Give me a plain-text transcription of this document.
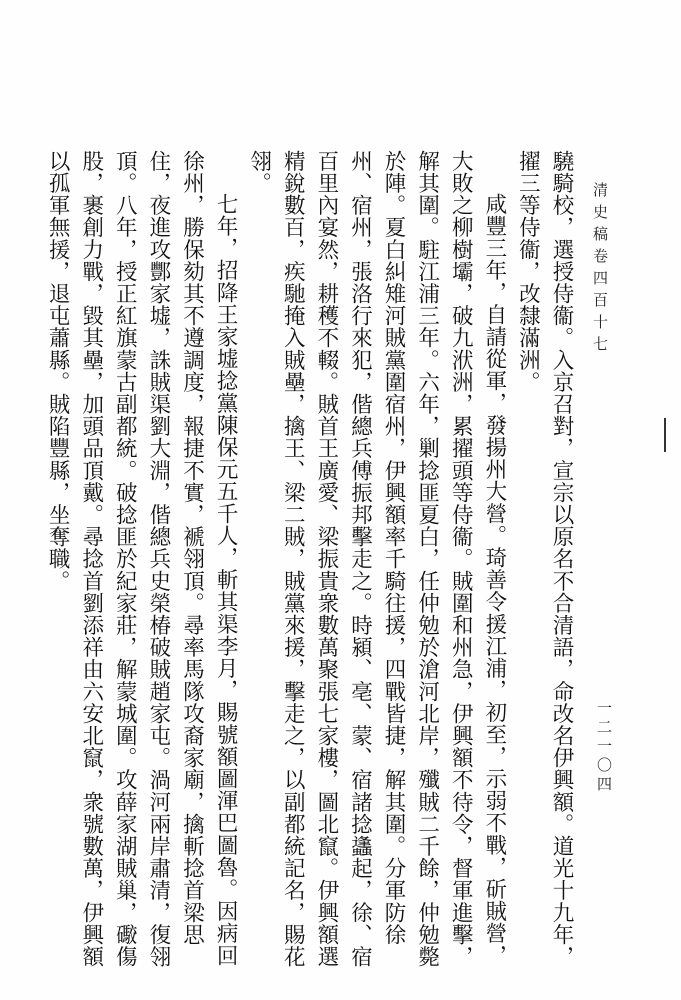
清史稿卷四百十七
一二一〇四

驍騎校，選授侍衞。入京召對，宣宗以原名不合清語，命改名伊興額。道光十九年，擢三等侍衞，改隸滿洲。

咸豐三年，自請從軍，發揚州大營。琦善令援江浦，初至，示弱不戰，斫賊營，大敗之柳樹壩，破九洑洲，累擢頭等侍衞。賊圍和州急，伊興額不待令，督軍進擊，解其圍。駐江浦三年。六年，剿捻匪夏白，任仲勉於滄河北岸，殲賊二千餘，仲勉斃於陣。夏白糾雉河賊黨圍宿州，伊興額率千騎往援，四戰皆捷，解其圍。分軍防徐州、宿州，張洛行來犯，偕總兵傅振邦擊走之。時潁、亳、蒙、宿諸捻蠭起，徐、宿百里內宴然，耕穫不輟。賊首王廣愛、梁振貴衆數萬聚張七家樓，圖北竄。伊興額選精銳數百，疾馳掩入賊壘，擒王、梁二賊，賊黨來援，擊走之，以副都統記名，賜花翎。

七年，招降王家墟捻黨陳保元五千人，斬其渠李月，賜號額圖渾巴圖魯。因病回徐州，勝保劾其不遵調度，報捷不實，褫翎頂。尋率馬隊攻裔家廟，擒斬捻首梁思住，夜進攻酆家墟，誅賊渠劉大淵，偕總兵史榮椿破賊趙家屯。渦河兩岸肅清，復翎頂。八年，授正紅旗蒙古副都統。破捻匪於紀家莊，解蒙城圍。攻薛家湖賊巢，礮傷股，裹創力戰，毀其壘，加頭品頂戴。尋捻首劉添祥由六安北竄，衆號數萬，伊興額以孤軍無援，退屯蕭縣。賊陷豐縣，坐奪職。
